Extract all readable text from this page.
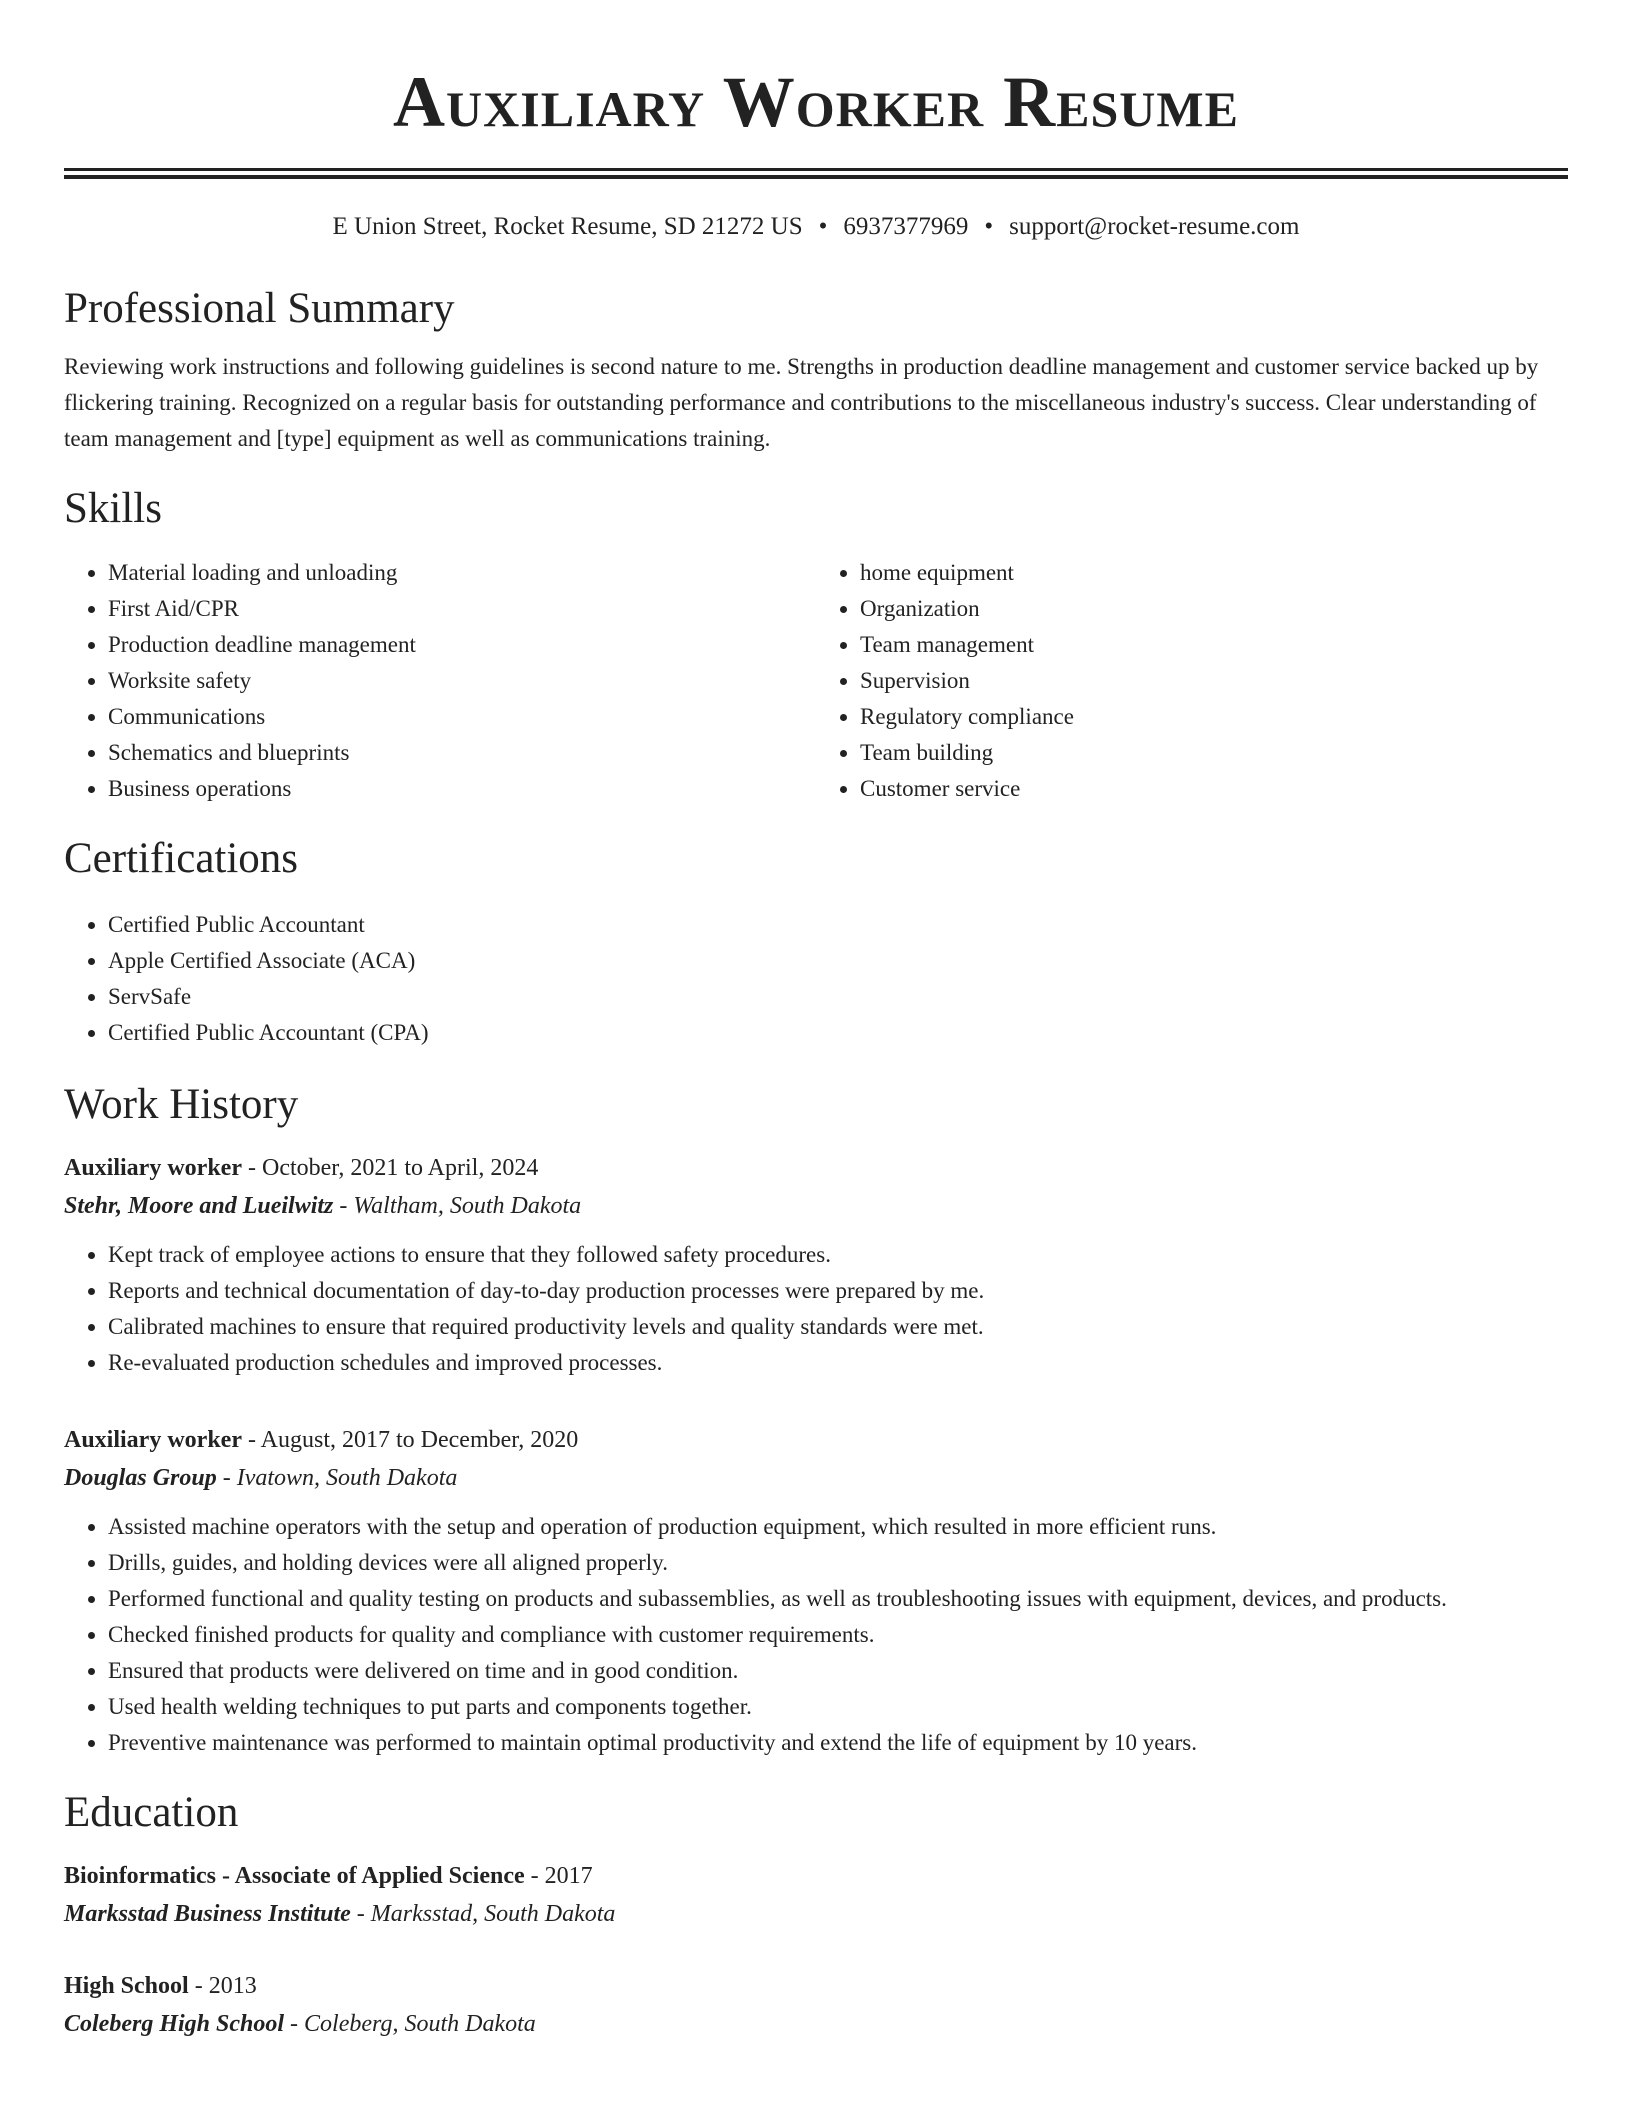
Auxiliary Worker Resume
E Union Street, Rocket Resume, SD 21272 US • 6937377969 • support@rocket-resume.com
Professional Summary

Reviewing work instructions and following guidelines is second nature to me. Strengths in production deadline management and customer service backed up by flickering training. Recognized on a regular basis for outstanding performance and contributions to the miscellaneous industry's success. Clear understanding of team management and [type] equipment as well as communications training.

Skills
• Material loading and unloading
• First Aid/CPR
• Production deadline management
• Worksite safety
• Communications
• Schematics and blueprints
• Business operations
• home equipment
• Organization
• Team management
• Supervision
• Regulatory compliance
• Team building
• Customer service
Certifications
• Certified Public Accountant
• Apple Certified Associate (ACA)
• ServSafe
• Certified Public Accountant (CPA)
Work History
Auxiliary worker - October, 2021 to April, 2024
Stehr, Moore and Lueilwitz - Waltham, South Dakota
• Kept track of employee actions to ensure that they followed safety procedures.
• Reports and technical documentation of day-to-day production processes were prepared by me.
• Calibrated machines to ensure that required productivity levels and quality standards were met.
• Re-evaluated production schedules and improved processes.
Auxiliary worker - August, 2017 to December, 2020
Douglas Group - Ivatown, South Dakota
• Assisted machine operators with the setup and operation of production equipment, which resulted in more efficient runs.
• Drills, guides, and holding devices were all aligned properly.
• Performed functional and quality testing on products and subassemblies, as well as troubleshooting issues with equipment, devices, and products.
• Checked finished products for quality and compliance with customer requirements.
• Ensured that products were delivered on time and in good condition.
• Used health welding techniques to put parts and components together.
• Preventive maintenance was performed to maintain optimal productivity and extend the life of equipment by 10 years.
Education
Bioinformatics - Associate of Applied Science - 2017
Marksstad Business Institute - Marksstad, South Dakota
High School - 2013
Coleberg High School - Coleberg, South Dakota
